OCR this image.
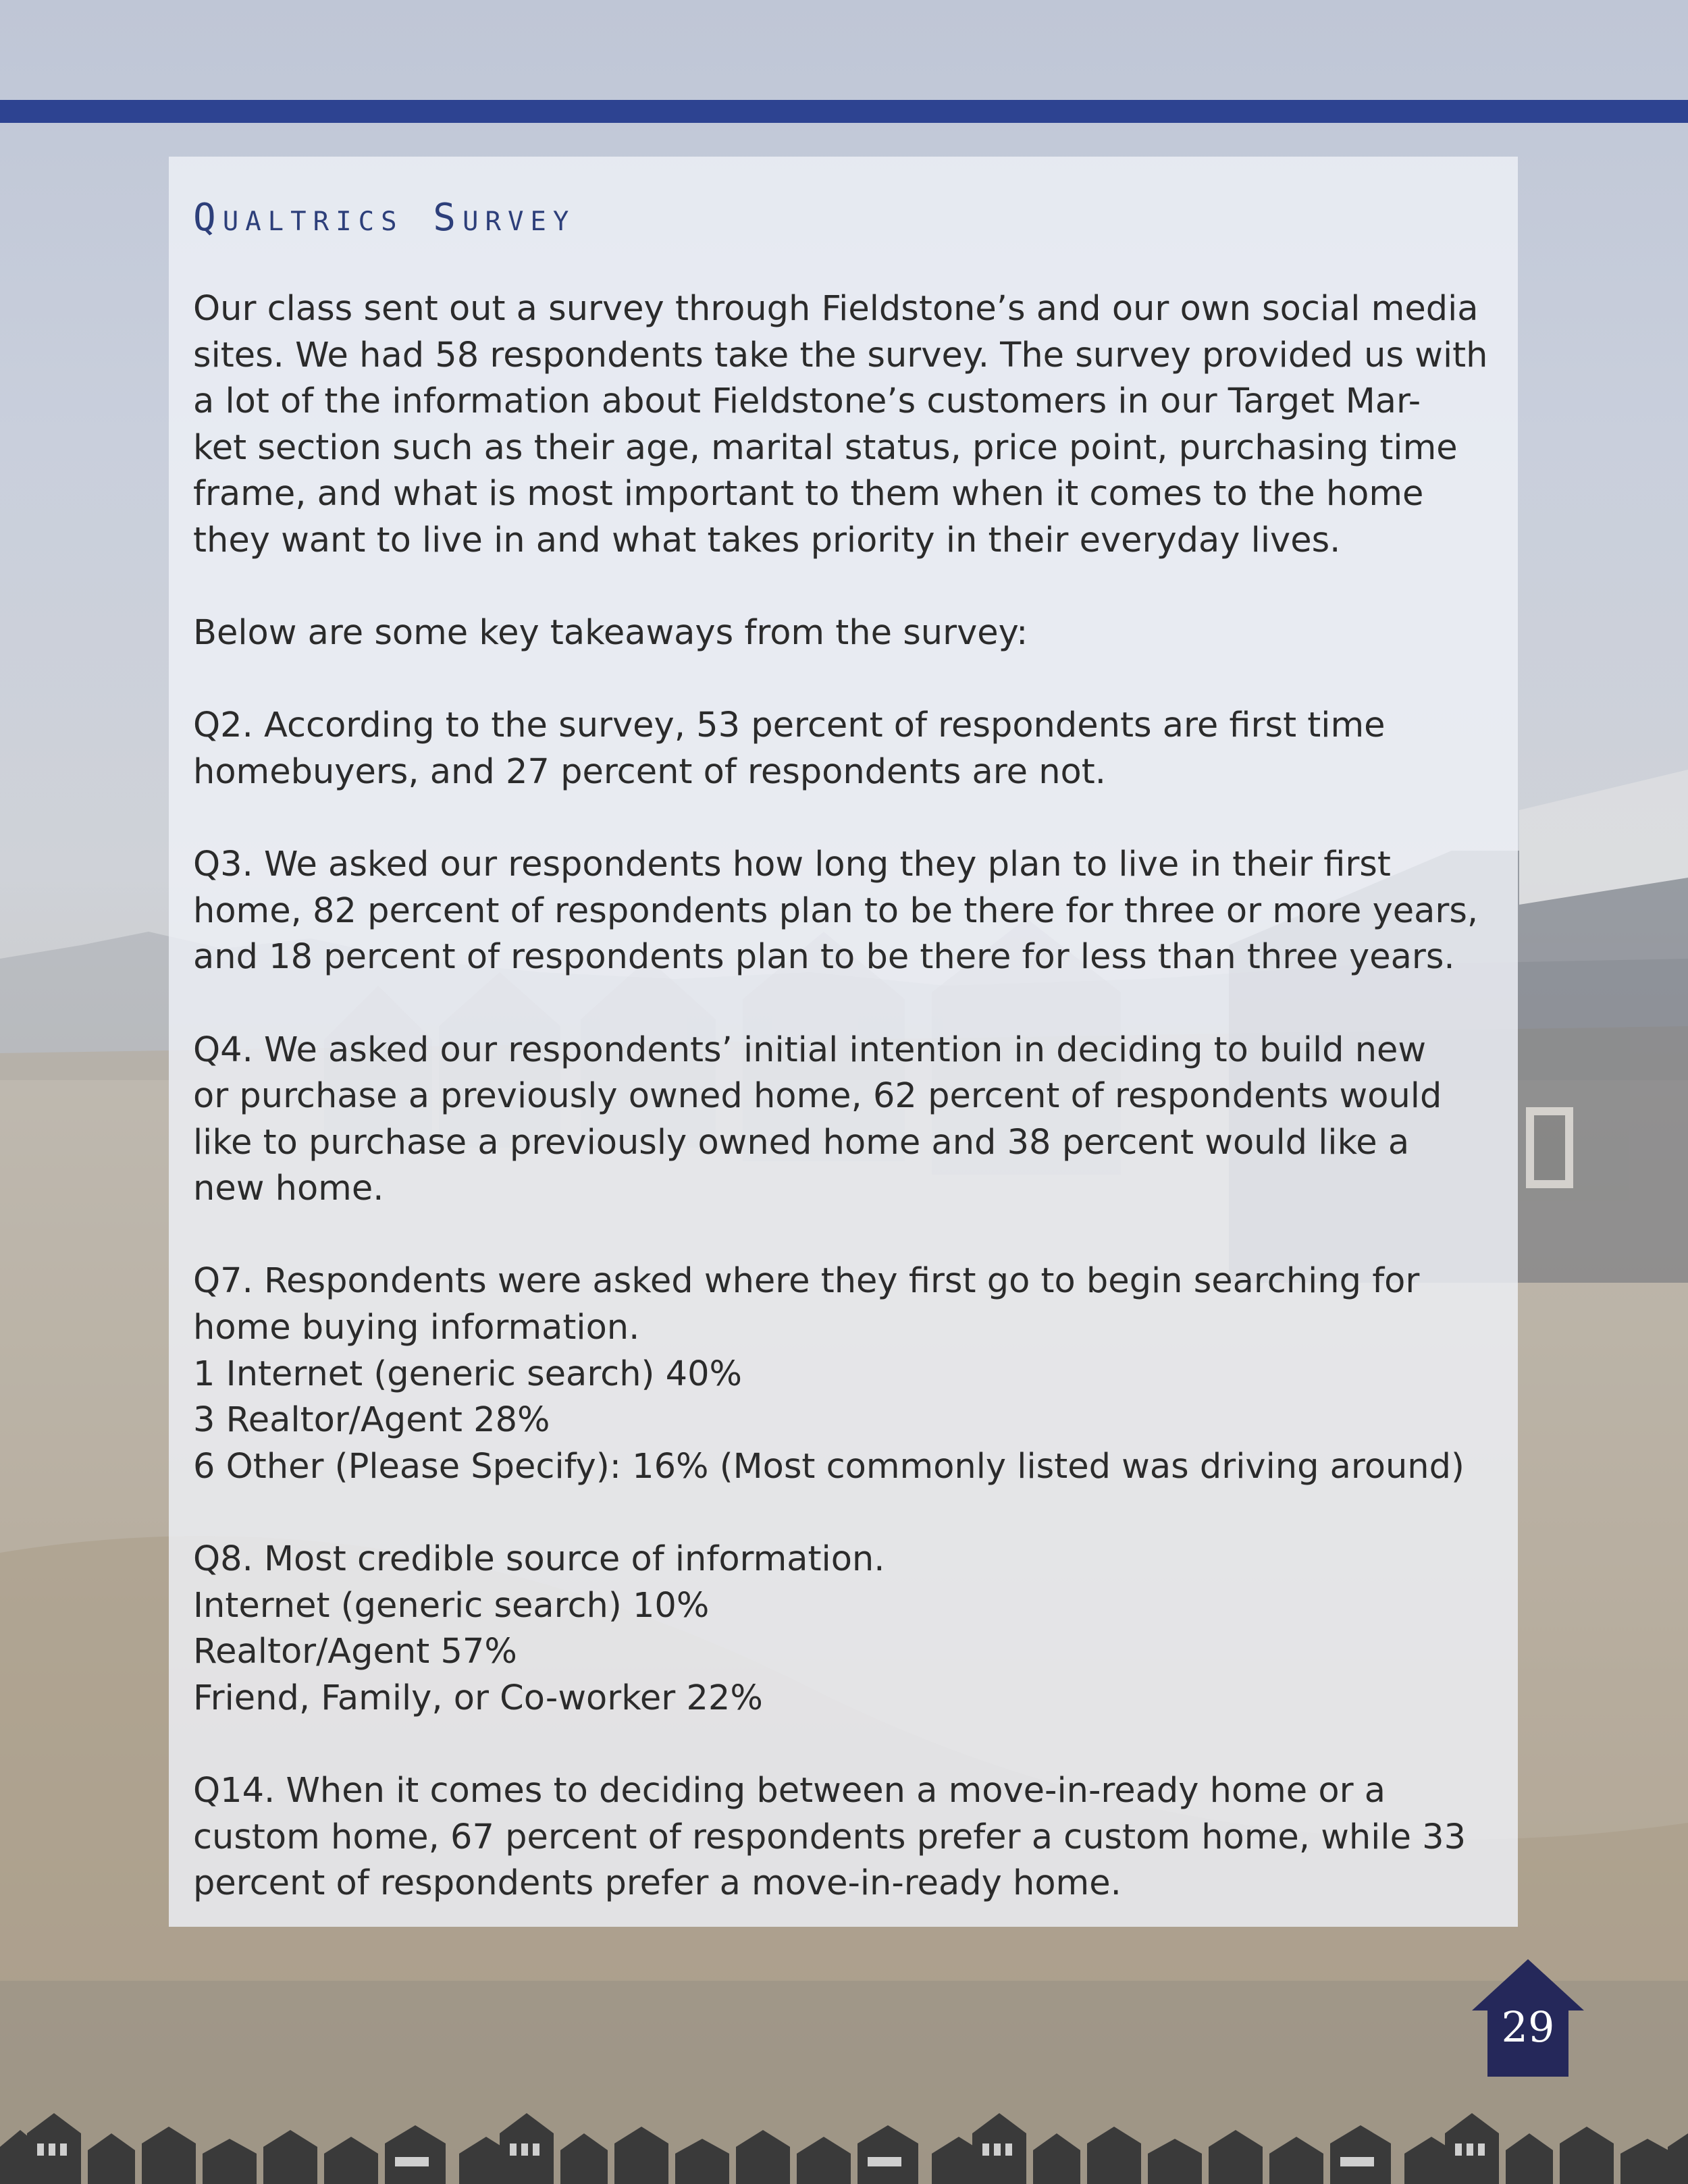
Qualtrics Survey

Our class sent out a survey through Fieldstone’s and our own social media
sites. We had 58 respondents take the survey. The survey provided us with
a lot of the information about Fieldstone’s customers in our Target Mar-
ket section such as their age, marital status, price point, purchasing time
frame, and what is most important to them when it comes to the home
they want to live in and what takes priority in their everyday lives.

Below are some key takeaways from the survey:

Q2. According to the survey, 53 percent of respondents are first time
homebuyers, and 27 percent of respondents are not.

Q3. We asked our respondents how long they plan to live in their first
home, 82 percent of respondents plan to be there for three or more years,
and 18 percent of respondents plan to be there for less than three years.

Q4. We asked our respondents’ initial intention in deciding to build new
or purchase a previously owned home, 62 percent of respondents would
like to purchase a previously owned home and 38 percent would like a
new home.

Q7. Respondents were asked where they first go to begin searching for
home buying information.
1 Internet (generic search) 40%
3 Realtor/Agent 28%
6 Other (Please Specify): 16% (Most commonly listed was driving around)

Q8. Most credible source of information.
Internet (generic search) 10%
Realtor/Agent 57%
Friend, Family, or Co-worker 22%

Q14. When it comes to deciding between a move-in-ready home or a
custom home, 67 percent of respondents prefer a custom home, while 33
percent of respondents prefer a move-in-ready home.

29
